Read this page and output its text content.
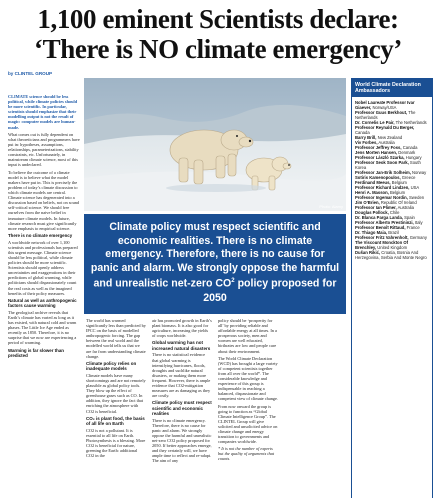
1,100 eminent Scientists declare:
‘There is NO climate emergency’
by CLINTEL GROUP
Photo: Alamy
Climate policy must respect scientific and economic realities. There is no climate emergency. Therefore, there is no cause for panic and alarm. We strongly oppose the harmful and unrealistic net-zero $CO^2$ policy proposed for 2050

CLIMATE science should be less political, while climate policies should be more scientific. In particular, scientists should emphasize that their modelling output is not the result of magic: computer models are human-made.

What comes out is fully dependent on what theoreticians and programmers have put in: hypotheses, assumptions, relationships, parameterizations, stability constraints, etc. Unfortunately, in mainstream climate science, most of this input is undeclared.

To believe the outcome of a climate model is to believe what the model makers have put in. This is precisely the problem of today’s climate discussion to which climate models are central. Climate science has degenerated into a discussion based on beliefs, not on sound self-critical science. We should free ourselves from the naive belief in immature climate models. In future, climate research must give significantly more emphasis to empirical science.

There is no climate emergency

A worldwide network of over 1,100 scientists and professionals has prepared this urgent message. Climate science should be less political, while climate policies should be more scientific. Scientists should openly address uncertainties and exaggerations in their predictions of global warming, while politicians should dispassionately count the real costs as well as the imagined benefits of their policy measures.

Natural as well as anthropogenic factors cause warming

The geological archive reveals that Earth’s climate has varied as long as it has existed, with natural cold and warm phases. The Little Ice Age ended as recently as 1850. Therefore, it is no surprise that we now are experiencing a period of warming.

Warming is far slower than predicted

The world has warmed significantly less than predicted by IPCC on the basis of modelled anthropogenic forcing. The gap between the real world and the modelled world tells us that we are far from understanding climate change.

Climate policy relies on inadequate models

Climate models have many shortcomings and are not remotely plausible as global policy tools. They blow up the effect of greenhouse gases such as CO. In addition, they ignore the fact that enriching the atmosphere with CO2 is beneficial.

CO₂ is plant food, the basis of all life on Earth

CO2 is not a pollutant. It is essential to all life on Earth. Photosynthesis is a blessing. More CO2 is beneficial for nature, greening the Earth: additional CO2 in the

air has promoted growth in Earth’s plant biomass. It is also good for agriculture, increasing the yields of crops worldwide.

Global warming has not increased natural disasters

There is no statistical evidence that global warming is intensifying hurricanes, floods, droughts and suchlike natural disasters, or making them more frequent. However, there is ample evidence that CO2-mitigation measures are as damaging as they are costly.

Climate policy must respect scientific and economic realities

There is no climate emergency. Therefore, there is no cause for panic and alarm. We strongly oppose the harmful and unrealistic net-zero CO2 policy proposed for 2050. If better approaches emerge, and they certainly will, we have ample time to reflect and re-adapt. The aim of any

policy should be ‘prosperity for all’ by providing reliable and affordable energy at all times. In a prosperous society, men and women are well educated, birthrates are low and people care about their environment.

The World Climate Declaration (WCD) has brought a large variety of competent scientists together from all over the world*. The considerable knowledge and experience of this group is indispensable in reaching a balanced, dispassionate and competent view of climate change.

From now onward the group is going to function as “Global Climate Intelligence Group”. The CLINTEL Group will give solicited and unsolicited advice on climate change and energy transition to governments and companies worldwide.

* It is not the number of experts but the quality of arguments that counts.

World Climate Declaration Ambassadors
Nobel Laureate Professor Ivar Giaever, Norway/USA
Professor Guus Berkhout, The Netherlands
Dr. Cornelis Le Pair, The Netherlands
Professor Reynald Du Berger, Canada
Barry Brill, New Zealand
Viv Forbes, Australia
Professor Jeffrey Foss, Canada
Jens Morten Hansen, Denmark
Professor László Szarka, Hungary
Professor Seok Soon Park, South Korea
Professor Jan-Erik Solheim, Norway
Sotiris Kamenopoulos, Greece
Ferdinand Meeus, Belgium
Professor Richard Lindzen, USA
Henri A. Masson, Belgium
Professor Ingemar Nordin, Sweden
Jim O’Brien, Republic Of Ireland
Professor Ian Plimer, Australia
Douglas Pollock, Chile
Dr. Blanca Parga Landa, Spain
Professor Alberto Prestininzi, Italy
Professor Benoît Rittaud, France
Dr. Thiago Maia, Brazil
Professor Fritz Vahrenholt, Germany
The Viscount Monckton Of Brenchley, United Kingdom
Dušan Rikić, Croatia, Bosnia And Herzegovina, Serbia And Monte Negro
